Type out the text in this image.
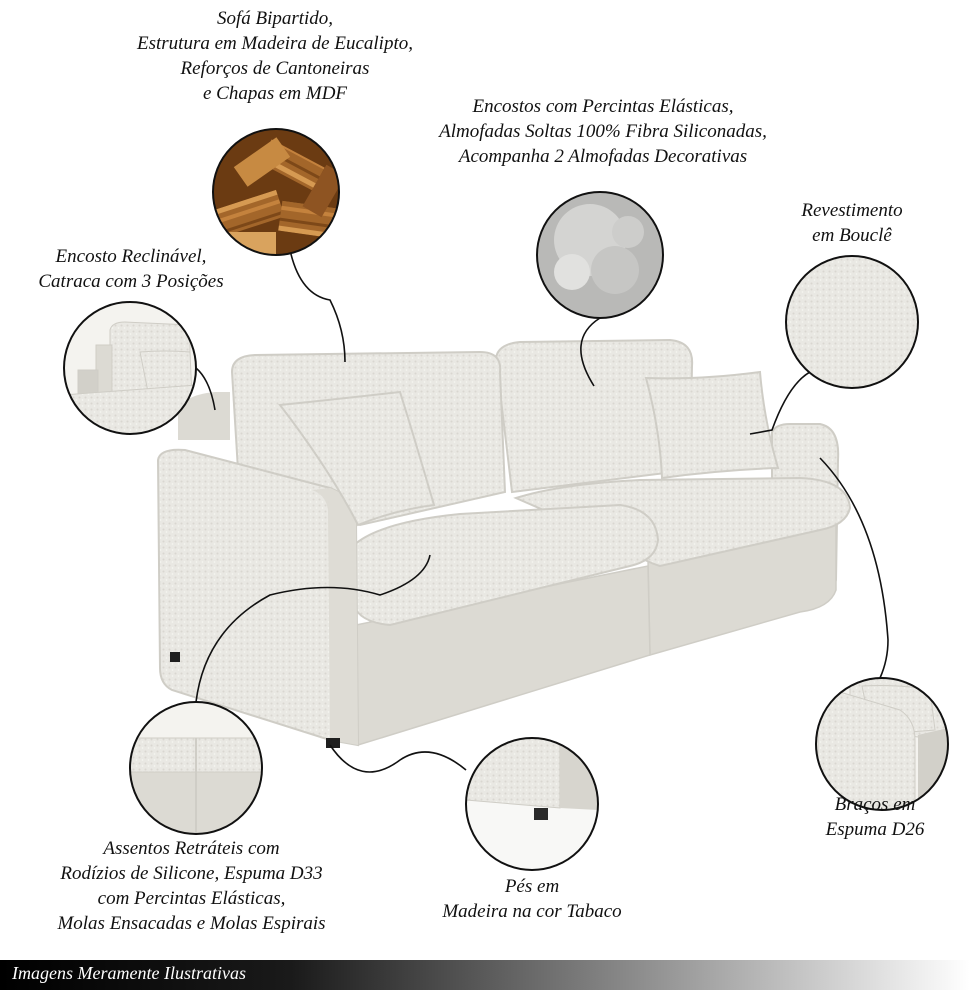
Sofá Bipartido,
Estrutura em Madeira de Eucalipto,
Reforços de Cantoneiras
e Chapas em MDF
Encostos com Percintas Elásticas,
Almofadas Soltas 100% Fibra Siliconadas,
Acompanha 2 Almofadas Decorativas
Encosto Reclinável,
Catraca com 3 Posições
Revestimento
em Bouclê
Braços em
Espuma D26
Assentos Retráteis com
Rodízios de Silicone, Espuma D33
com Percintas Elásticas,
Molas Ensacadas e Molas Espirais
Pés em
Madeira na cor Tabaco
Imagens Meramente Ilustrativas
